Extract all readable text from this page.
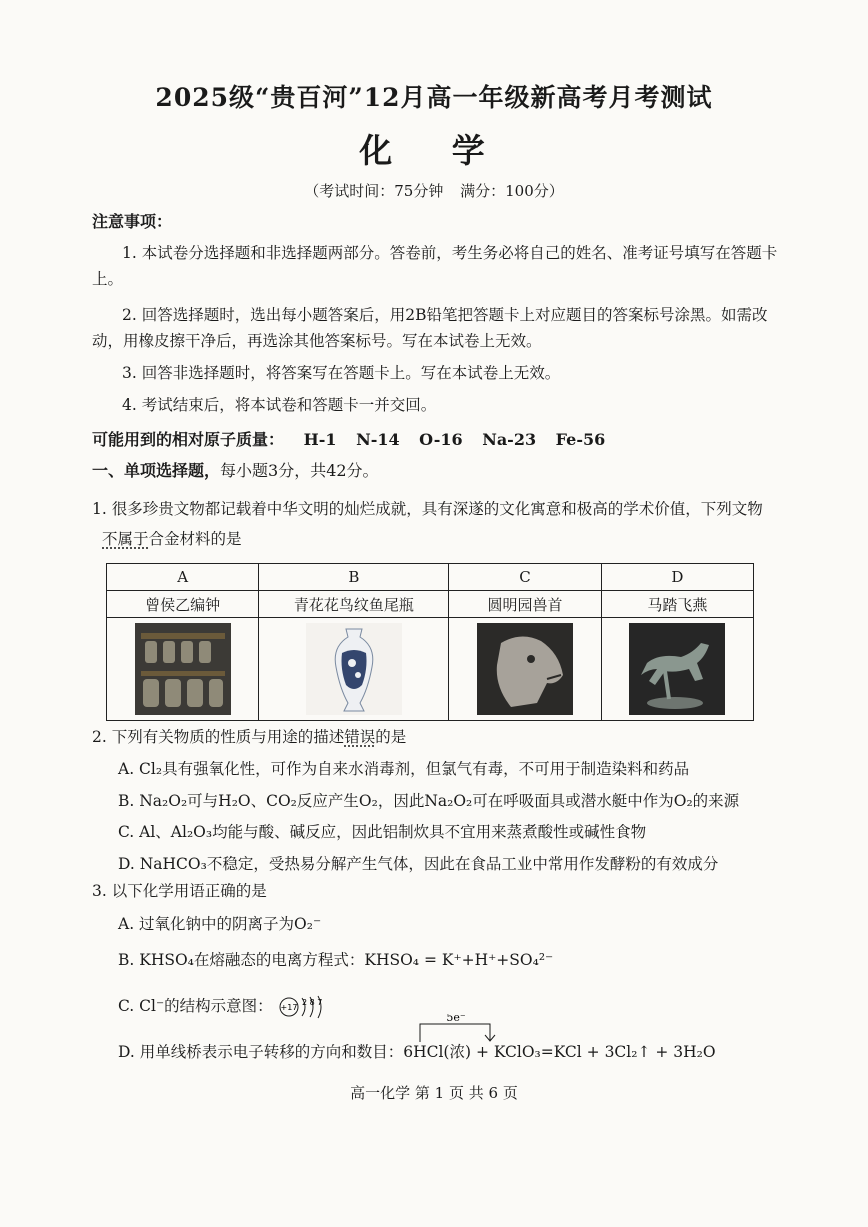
2025级“贵百河”12月高一年级新高考月考测试
化 学
（考试时间：75分钟 满分：100分）
注意事项：
1. 本试卷分选择题和非选择题两部分。答卷前，考生务必将自己的姓名、准考证号填写在答题卡上。
2. 回答选择题时，选出每小题答案后，用2B铅笔把答题卡上对应题目的答案标号涂黑。如需改动，用橡皮擦干净后，再选涂其他答案标号。写在本试卷上无效。
3. 回答非选择题时，将答案写在答题卡上。写在本试卷上无效。
4. 考试结束后，将本试卷和答题卡一并交回。
可能用到的相对原子质量： H-1 N-14 O-16 Na-23 Fe-56
一、单项选择题，每小题3分，共42分。
1. 很多珍贵文物都记载着中华文明的灿烂成就，具有深遂的文化寓意和极高的学术价值，下列文物
不属于合金材料的是
A	B	C	D
曾侯乙编钟	青花花鸟纹鱼尾瓶	圆明园兽首	马踏飞燕

2. 下列有关物质的性质与用途的描述错误的是
A. Cl₂具有强氧化性，可作为自来水消毒剂，但氯气有毒，不可用于制造染料和药品
B. Na₂O₂可与H₂O、CO₂反应产生O₂，因此Na₂O₂可在呼吸面具或潜水艇中作为O₂的来源
C. Al、Al₂O₃均能与酸、碱反应，因此铝制炊具不宜用来蒸煮酸性或碱性食物
D. NaHCO₃不稳定，受热易分解产生气体，因此在食品工业中常用作发酵粉的有效成分
3. 以下化学用语正确的是
A. 过氧化钠中的阴离子为O₂⁻
B. KHSO₄在熔融态的电离方程式：KHSO₄ = K⁺+H⁺+SO₄²⁻
C. Cl⁻的结构示意图： +17
2 8 7
5e⁻
D. 用单线桥表示电子转移的方向和数目：6HCl(浓) + KClO₃=KCl + 3Cl₂↑ + 3H₂O
高一化学 第 1 页 共 6 页
